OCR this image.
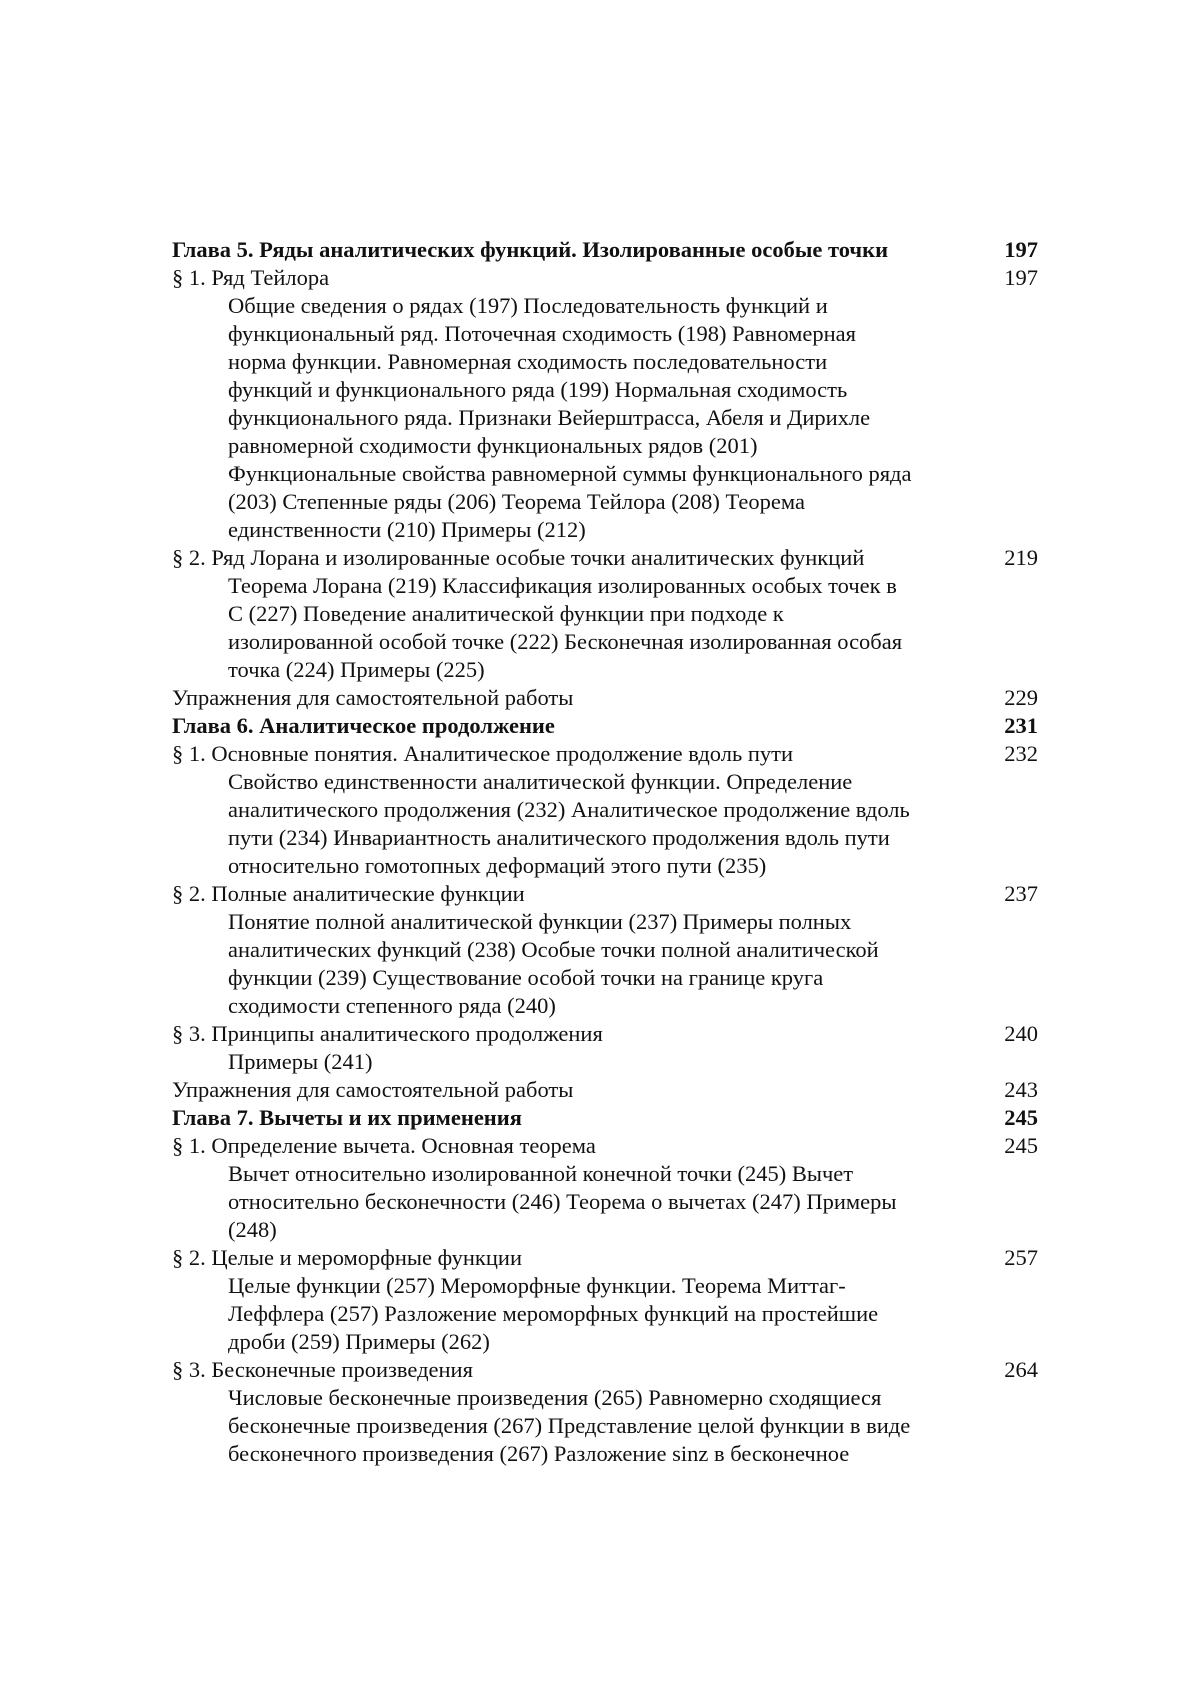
Глава 5. Ряды аналитических функций. Изолированные особые точки	197
§ 1. Ряд Тейлора	197
Общие сведения о рядах (197) Последовательность функций и
функциональный ряд. Поточечная сходимость (198) Равномерная
норма функции. Равномерная сходимость последовательности
функций и функционального ряда (199) Нормальная сходимость
функционального ряда. Признаки Вейерштрасса, Абеля и Дирихле
равномерной сходимости функциональных рядов (201)
Функциональные свойства равномерной суммы функционального ряда
(203) Степенные ряды (206) Теорема Тейлора (208) Теорема
единственности (210) Примеры (212)
§ 2. Ряд Лорана и изолированные особые точки аналитических функций	219
Теорема Лорана (219) Классификация изолированных особых точек в
C (227) Поведение аналитической функции при подходе к
изолированной особой точке (222) Бесконечная изолированная особая
точка (224) Примеры (225)
Упражнения для самостоятельной работы	229
Глава 6. Аналитическое продолжение	231
§ 1. Основные понятия. Аналитическое продолжение вдоль пути	232
Свойство единственности аналитической функции. Определение
аналитического продолжения (232) Аналитическое продолжение вдоль
пути (234) Инвариантность аналитического продолжения вдоль пути
относительно гомотопных деформаций этого пути (235)
§ 2. Полные аналитические функции	237
Понятие полной аналитической функции (237) Примеры полных
аналитических функций (238) Особые точки полной аналитической
функции (239) Существование особой точки на границе круга
сходимости степенного ряда (240)
§ 3. Принципы аналитического продолжения	240
Примеры (241)
Упражнения для самостоятельной работы	243
Глава 7. Вычеты и их применения	245
§ 1. Определение вычета. Основная теорема	245
Вычет относительно изолированной конечной точки (245) Вычет
относительно бесконечности (246) Теорема о вычетах (247) Примеры
(248)
§ 2. Целые и мероморфные функции	257
Целые функции (257) Мероморфные функции. Теорема Миттаг-
Леффлера (257) Разложение мероморфных функций на простейшие
дроби (259) Примеры (262)
§ 3. Бесконечные произведения	264
Числовые бесконечные произведения (265) Равномерно сходящиеся
бесконечные произведения (267) Представление целой функции в виде
бесконечного произведения (267) Разложение sinz в бесконечное
